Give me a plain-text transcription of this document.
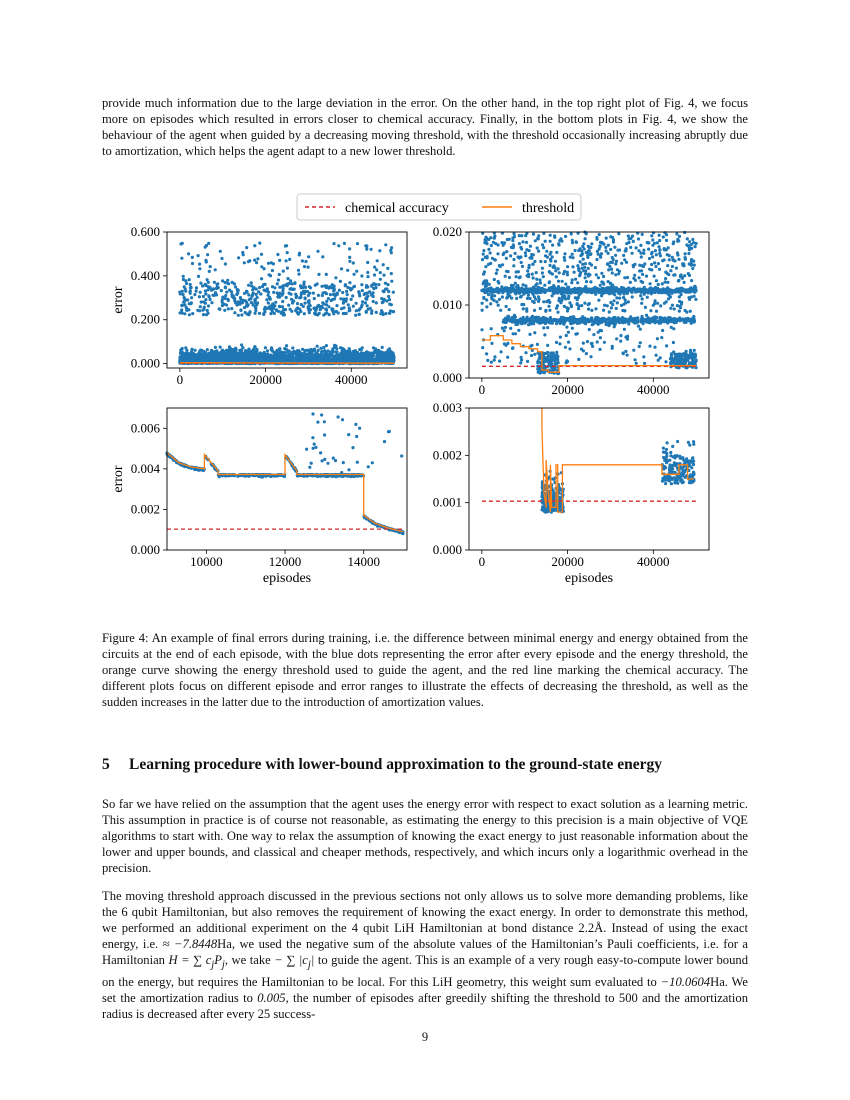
provide much information due to the large deviation in the error. On the other hand, in the top right plot of Fig. 4, we focus more on episodes which resulted in errors closer to chemical accuracy. Finally, in the bottom plots in Fig. 4, we show the behaviour of the agent when guided by a decreasing moving threshold, with the threshold occasionally increasing abruptly due to amortization, which helps the agent adapt to a new lower threshold.

chemical accuracy	threshold
0	20000	40000
0.000
0.200
0.400
0.600
error
0	20000	40000
0.000
0.010
0.020
10000	12000	14000
0.000
0.002
0.004
0.006
episodes
error
0	20000	40000
0.000
0.001
0.002
0.003
episodes

Figure 4: An example of final errors during training, i.e. the difference between minimal energy and energy obtained from the circuits at the end of each episode, with the blue dots representing the error after every episode and the energy threshold, the orange curve showing the energy threshold used to guide the agent, and the red line marking the chemical accuracy. The different plots focus on different episode and error ranges to illustrate the effects of decreasing the threshold, as well as the sudden increases in the latter due to the introduction of amortization values.

5 Learning procedure with lower-bound approximation to the ground-state energy

So far we have relied on the assumption that the agent uses the energy error with respect to exact solution as a learning metric. This assumption in practice is of course not reasonable, as estimating the energy to this precision is a main objective of VQE algorithms to start with. One way to relax the assumption of knowing the exact energy to just reasonable information about the lower and upper bounds, and classical and cheaper methods, respectively, and which incurs only a logarithmic overhead in the precision.

The moving threshold approach discussed in the previous sections not only allows us to solve more demanding problems, like the 6 qubit Hamiltonian, but also removes the requirement of knowing the exact energy. In order to demonstrate this method, we performed an additional experiment on the 4 qubit LiH Hamiltonian at bond distance 2.2Å. Instead of using the exact energy, i.e. ≈ −7.8448Ha, we used the negative sum of the absolute values of the Hamiltonian’s Pauli coefficients, i.e. for a Hamiltonian H = ∑ $c_jP_j$, we take − ∑ $|c_j|$ to guide the agent. This is an example of a very rough easy-to-compute lower bound on the energy, but requires the Hamiltonian to be local. For this LiH geometry, this weight sum evaluated to −10.0604Ha. We set the amortization radius to 0.005, the number of episodes after greedily shifting the threshold to 500 and the amortization radius is decreased after every 25 success-

9
